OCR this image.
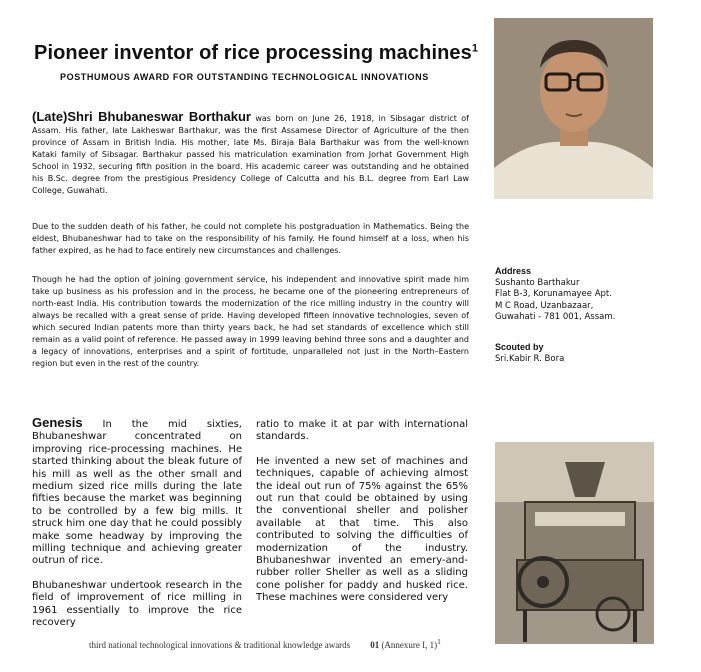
Pioneer inventor of rice processing machines$^1$
POSTHUMOUS AWARD FOR OUTSTANDING TECHNOLOGICAL INNOVATIONS
(Late)Shri Bhubaneswar Borthakur was born on June 26, 1918, in Sibsagar district of Assam. His father, late Lakheswar Barthakur, was the first Assamese Director of Agriculture of the then province of Assam in British India. His mother, late Ms. Biraja Bala Barthakur was from the well-known Kataki family of Sibsagar. Barthakur passed his matriculation examination from Jorhat Government High School in 1932, securing fifth position in the board. His academic career was outstanding and he obtained his B.Sc. degree from the prestigious Presidency College of Calcutta and his B.L. degree from Earl Law College, Guwahati.
Due to the sudden death of his father, he could not complete his postgraduation in Mathematics. Being the eldest, Bhubaneshwar had to take on the responsibility of his family. He found himself at a loss, when his father expired, as he had to face entirely new circumstances and challenges.
Though he had the option of joining government service, his independent and innovative spirit made him take up business as his profession and in the process, he became one of the pioneering entrepreneurs of north-east India. His contribution towards the modernization of the rice milling industry in the country will always be recalled with a great sense of pride. Having developed fifteen innovative technologies, seven of which secured Indian patents more than thirty years back, he had set standards of excellence which still remain as a valid point of reference. He passed away in 1999 leaving behind three sons and a daughter and a legacy of innovations, enterprises and a spirit of fortitude, unparalleled not just in the North–Eastern region but even in the rest of the country.
Address
Sushanto Barthakur
Flat B-3, Korunamayee Apt.
M C Road, Uzanbazaar,
Guwahati - 781 001, Assam.
Scouted by
Sri.Kabir R. Bora
Genesis In the mid sixties, Bhubaneshwar concentrated on improving rice-processing machines. He started thinking about the bleak future of his mill as well as the other small and medium sized rice mills during the late fifties because the market was beginning to be controlled by a few big mills. It struck him one day that he could possibly make some headway by improving the milling technique and achieving greater outrun of rice.
Bhubaneshwar undertook research in the field of improvement of rice milling in 1961 essentially to improve the rice recovery
ratio to make it at par with international standards.
He invented a new set of machines and techniques, capable of achieving almost the ideal out run of 75% against the 65% out run that could be obtained by using the conventional sheller and polisher available at that time. This also contributed to solving the difficulties of modernization of the industry. Bhubaneshwar invented an emery-and-rubber roller Sheller as well as a sliding cone polisher for paddy and husked rice. These machines were considered very
third national technological innovations & traditional knowledge awards 01 (Annexure I, 1)$^1$
